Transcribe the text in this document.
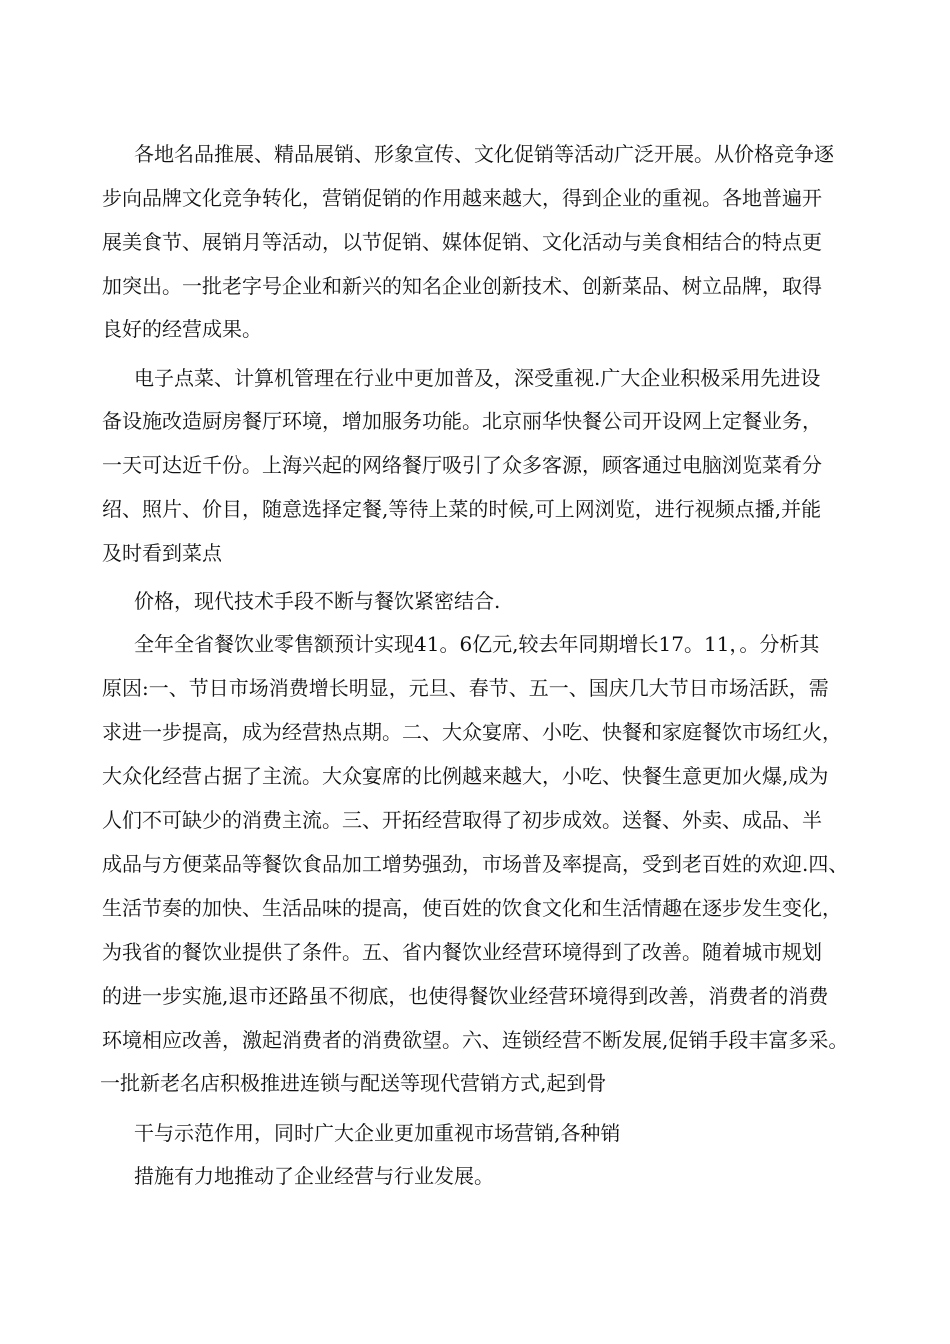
各地名品推展、精品展销、形象宣传、文化促销等活动广泛开展。从价格竞争逐

步向品牌文化竞争转化，营销促销的作用越来越大，得到企业的重视。各地普遍开

展美食节、展销月等活动，以节促销、媒体促销、文化活动与美食相结合的特点更

加突出。一批老字号企业和新兴的知名企业创新技术、创新菜品、树立品牌，取得

良好的经营成果。

电子点菜、计算机管理在行业中更加普及，深受重视.广大企业积极采用先进设

备设施改造厨房餐厅环境，增加服务功能。北京丽华快餐公司开设网上定餐业务，

一天可达近千份。上海兴起的网络餐厅吸引了众多客源，顾客通过电脑浏览菜肴分

绍、照片、价目，随意选择定餐,等待上菜的时候,可上网浏览，进行视频点播,并能

及时看到菜点

价格，现代技术手段不断与餐饮紧密结合.

全年全省餐饮业零售额预计实现41。6亿元,较去年同期增长17。11，。分析其

原因:一、节日市场消费增长明显，元旦、春节、五一、国庆几大节日市场活跃，需

求进一步提高，成为经营热点期。二、大众宴席、小吃、快餐和家庭餐饮市场红火，

大众化经营占据了主流。大众宴席的比例越来越大，小吃、快餐生意更加火爆,成为

人们不可缺少的消费主流。三、开拓经营取得了初步成效。送餐、外卖、成品、半

成品与方便菜品等餐饮食品加工增势强劲，市场普及率提高，受到老百姓的欢迎.四、

生活节奏的加快、生活品味的提高，使百姓的饮食文化和生活情趣在逐步发生变化，

为我省的餐饮业提供了条件。五、省内餐饮业经营环境得到了改善。随着城市规划

的进一步实施,退市还路虽不彻底，也使得餐饮业经营环境得到改善，消费者的消费

环境相应改善，激起消费者的消费欲望。六、连锁经营不断发展,促销手段丰富多采。

一批新老名店积极推进连锁与配送等现代营销方式,起到骨

干与示范作用，同时广大企业更加重视市场营销,各种销

措施有力地推动了企业经营与行业发展。
